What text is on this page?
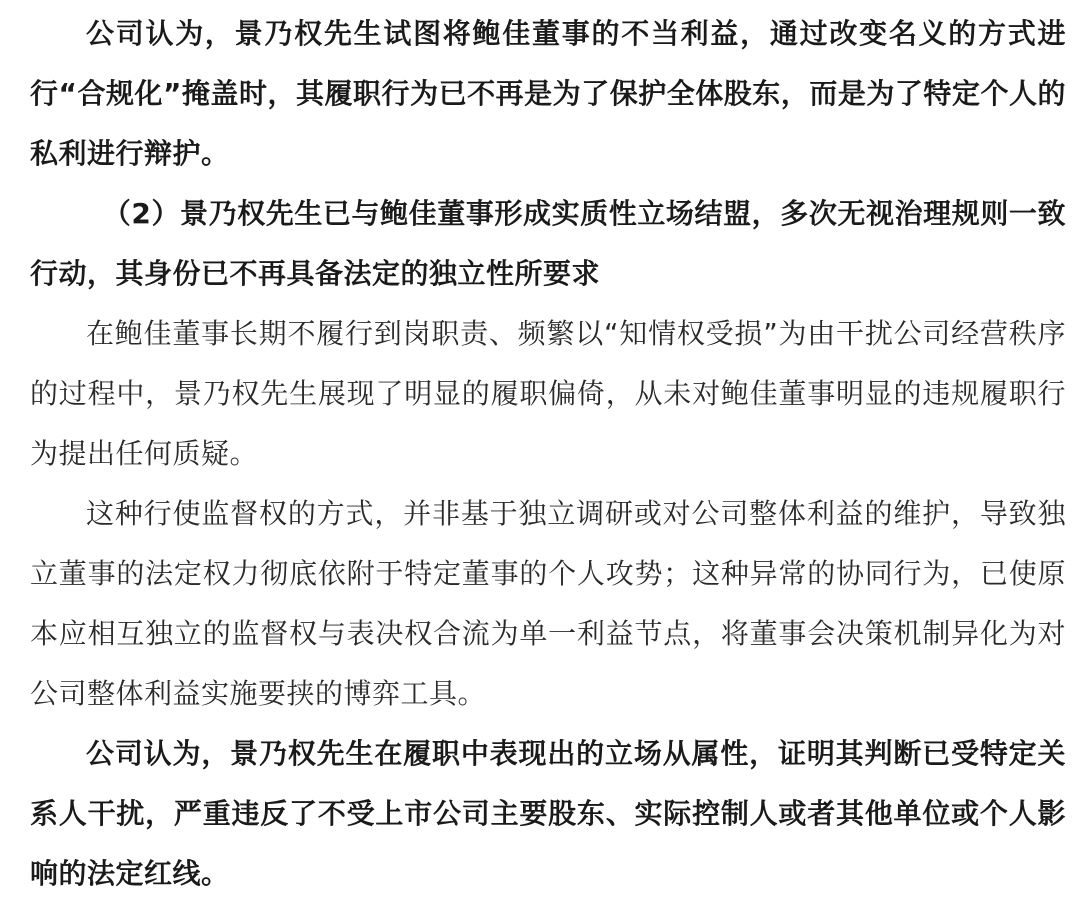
公司认为，景乃权先生试图将鲍佳董事的不当利益，通过改变名义的方式进行“合规化”掩盖时，其履职行为已不再是为了保护全体股东，而是为了特定个人的私利进行辩护。

（2）景乃权先生已与鲍佳董事形成实质性立场结盟，多次无视治理规则一致行动，其身份已不再具备法定的独立性所要求

在鲍佳董事长期不履行到岗职责、频繁以“知情权受损”为由干扰公司经营秩序的过程中，景乃权先生展现了明显的履职偏倚，从未对鲍佳董事明显的违规履职行为提出任何质疑。

这种行使监督权的方式，并非基于独立调研或对公司整体利益的维护，导致独立董事的法定权力彻底依附于特定董事的个人攻势；这种异常的协同行为，已使原本应相互独立的监督权与表决权合流为单一利益节点，将董事会决策机制异化为对公司整体利益实施要挟的博弈工具。

公司认为，景乃权先生在履职中表现出的立场从属性，证明其判断已受特定关系人干扰，严重违反了不受上市公司主要股东、实际控制人或者其他单位或个人影响的法定红线。
